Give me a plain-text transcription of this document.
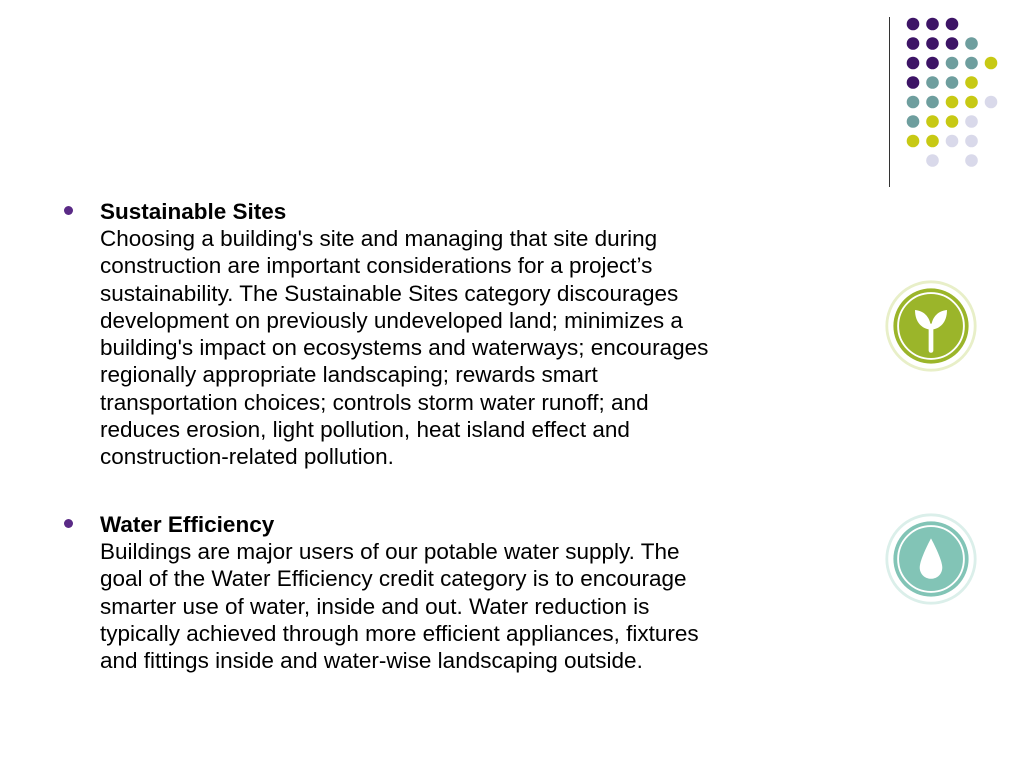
Sustainable Sites
Choosing a building's site and managing that site during
construction are important considerations for a project’s
sustainability. The Sustainable Sites category discourages
development on previously undeveloped land; minimizes a
building's impact on ecosystems and waterways; encourages
regionally appropriate landscaping; rewards smart
transportation choices; controls storm water runoff; and
reduces erosion, light pollution, heat island effect and
construction-related pollution.
Water Efficiency
Buildings are major users of our potable water supply. The
goal of the Water Efficiency credit category is to encourage
smarter use of water, inside and out. Water reduction is
typically achieved through more efficient appliances, fixtures
and fittings inside and water-wise landscaping outside.
